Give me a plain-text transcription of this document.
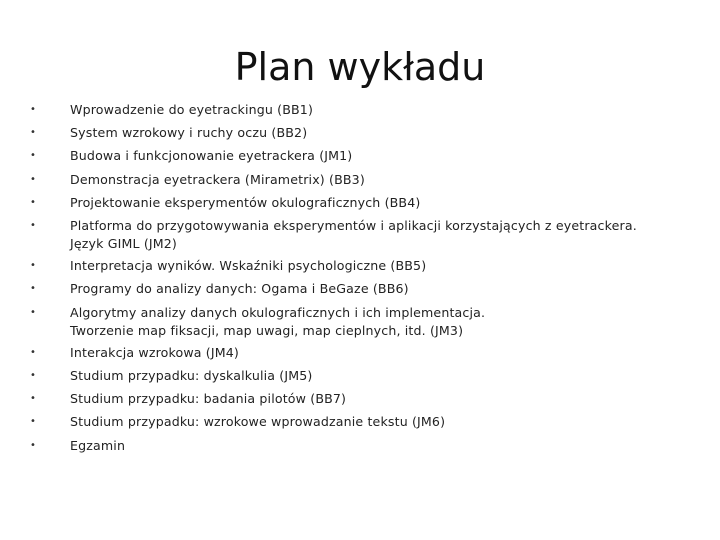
Plan wykładu
•	Wprowadzenie do eyetrackingu (BB1)
•	System wzrokowy i ruchy oczu (BB2)
•	Budowa i funkcjonowanie eyetrackera (JM1)
•	Demonstracja eyetrackera (Mirametrix) (BB3)
•	Projektowanie eksperymentów okulograficznych (BB4)
•	Platforma do przygotowywania eksperymentów i aplikacji korzystających z eyetrackera.
Język GIML (JM2)
•	Interpretacja wyników. Wskaźniki psychologiczne (BB5)
•	Programy do analizy danych: Ogama i BeGaze (BB6)
•	Algorytmy analizy danych okulograficznych i ich implementacja.
Tworzenie map fiksacji, map uwagi, map cieplnych, itd. (JM3)
•	Interakcja wzrokowa (JM4)
•	Studium przypadku: dyskalkulia (JM5)
•	Studium przypadku: badania pilotów (BB7)
•	Studium przypadku: wzrokowe wprowadzanie tekstu (JM6)
•	Egzamin
